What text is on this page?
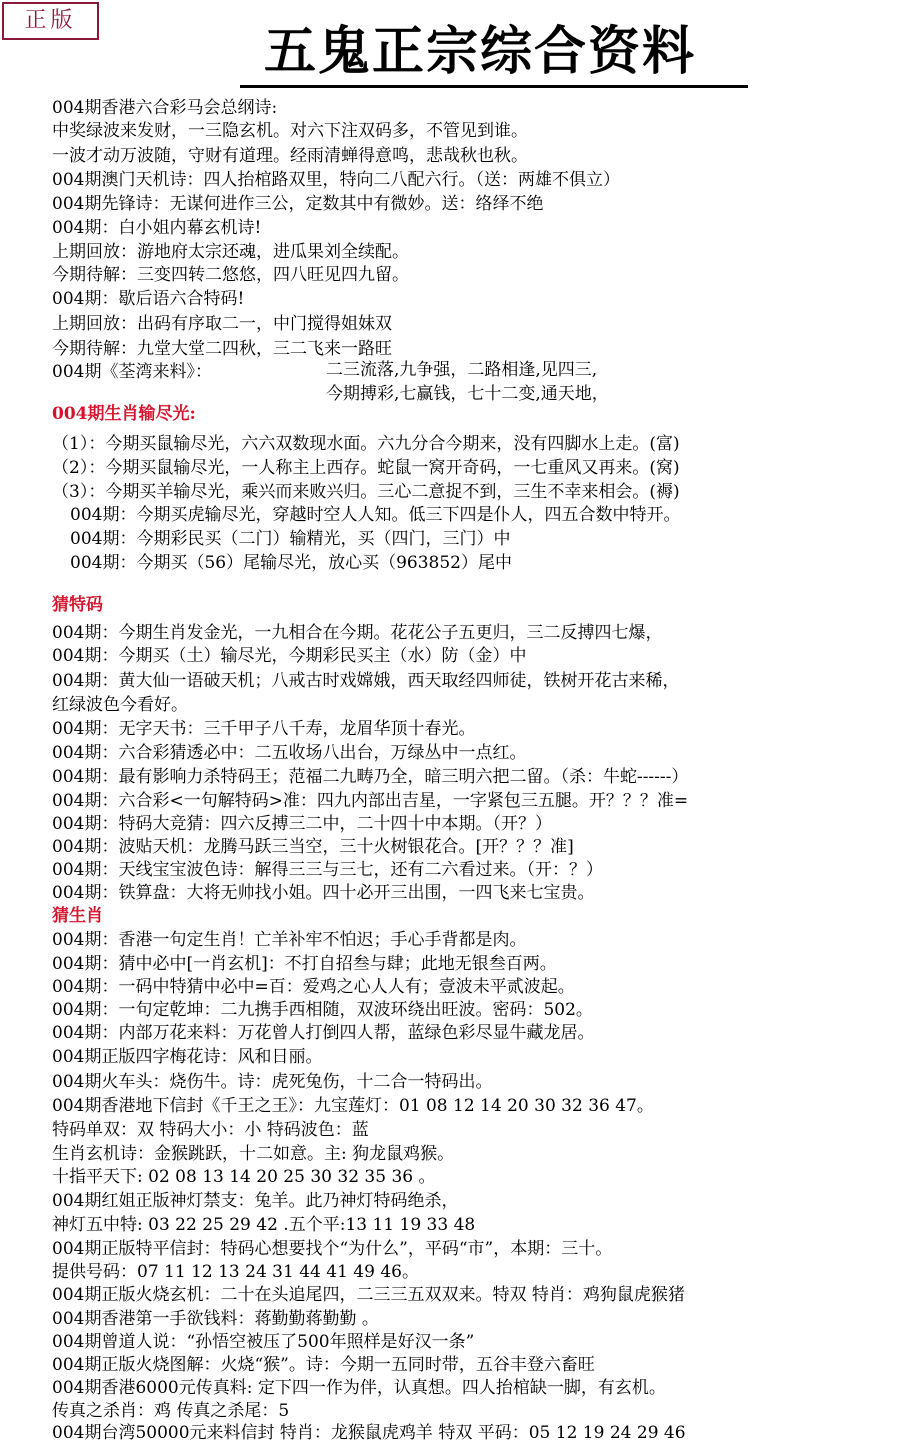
正版
五鬼正宗综合资料
004期香港六合彩马会总纲诗:
中奖绿波来发财，一三隐玄机。对六下注双码多，不管见到谁。
一波才动万波随，守财有道理。经雨清蝉得意鸣，悲哉秋也秋。
004期澳门天机诗：四人抬棺路双里，特向二八配六行。（送：两雄不俱立）
004期先锋诗：无谋何进作三公，定数其中有微妙。送：络绎不绝
004期：白小姐内幕玄机诗!
上期回放：游地府太宗还魂，进瓜果刘全续配。
今期待解：三变四转二悠悠，四八旺见四九留。
004期：歇后语六合特码!
上期回放：出码有序取二一，中门搅得姐妹双
今期待解：九堂大堂二四秋，三二飞来一路旺
004期《荃湾来料》：	二三流落,九争强，二路相逢,见四三,
今期搏彩,七赢钱，七十二变,通天地，
004期生肖输尽光:
（1）：今期买鼠输尽光，六六双数现水面。六九分合今期来，没有四脚水上走。(富)
（2）：今期买鼠输尽光，一人称主上西存。蛇鼠一窝开奇码，一七重风又再来。(窝)
（3）：今期买羊输尽光，乘兴而来败兴归。三心二意捉不到，三生不幸来相会。(褥)
004期：今期买虎输尽光，穿越时空人人知。低三下四是仆人，四五合数中特开。
004期：今期彩民买（二门）输精光，买（四门，三门）中
004期：今期买（56）尾输尽光，放心买（963852）尾中
猜特码
004期：今期生肖发金光，一九相合在今期。花花公子五更归，三二反搏四七爆，
004期：今期买（土）输尽光，今期彩民买主（水）防（金）中
004期：黄大仙一语破天机；八戒古时戏嫦娥，西天取经四师徒，铁树开花古来稀，
红绿波色今看好。
004期：无字天书：三千甲子八千寿，龙眉华顶十春光。
004期：六合彩猜透必中：二五收场八出台，万绿丛中一点红。
004期：最有影响力杀特码王；范福二九畴乃全，暗三明六把二留。（杀：牛蛇------）
004期：六合彩<一句解特码>准：四九内部出吉星，一字紧包三五腿。开？？？准=
004期：特码大竞猜：四六反搏三二中，二十四十中本期。（开？）
004期：波贴天机：龙腾马跃三当空，三十火树银花合。[开？？？准]
004期：天线宝宝波色诗：解得三三与三七，还有二六看过来。（开：？）
004期：铁算盘：大将无帅找小姐。四十必开三出围，一四飞来七宝贵。
猜生肖
004期：香港一句定生肖！亡羊补牢不怕迟；手心手背都是肉。
004期：猜中必中[一肖玄机]：不打自招叁与肆；此地无银叁百两。
004期：一码中特猜中必中=百：爱鸡之心人人有；壹波未平贰波起。
004期：一句定乾坤：二九携手西相随，双波环绕出旺波。密码：502。
004期：内部万花来料：万花曾人打倒四人帮，蓝绿色彩尽显牛藏龙居。
004期正版四字梅花诗：风和日丽。
004期火车头：烧伤牛。诗：虎死兔伤，十二合一特码出。
004期香港地下信封《千王之王》：九宝莲灯：01 08 12 14 20 30 32 36 47。
特码单双：双 特码大小：小 特码波色：蓝
生肖玄机诗：金猴跳跃，十二如意。主: 狗龙鼠鸡猴。
十指平天下: 02 08 13 14 20 25 30 32 35 36 。
004期红姐正版神灯禁支：兔羊。此乃神灯特码绝杀，
神灯五中特: 03 22 25 29 42 .五个平:13 11 19 33 48
004期正版特平信封：特码心想要找个“为什么”，平码“市”，本期：三十。
提供号码：07 11 12 13 24 31 44 41 49 46。
004期正版火烧玄机：二十在头追尾四，二三三五双双来。特双 特肖：鸡狗鼠虎猴猪
004期香港第一手欲钱料：蒋勤勤蒋勤勤 。
004期曾道人说：“孙悟空被压了500年照样是好汉一条”
004期正版火烧图解：火烧“猴”。诗：今期一五同时带，五谷丰登六畜旺
004期香港6000元传真料: 定下四一作为伴，认真想。四人抬棺缺一脚，有玄机。
传真之杀肖：鸡 传真之杀尾：5
004期台湾50000元来料信封 特肖：龙猴鼠虎鸡羊 特双 平码：05 12 19 24 29 46
